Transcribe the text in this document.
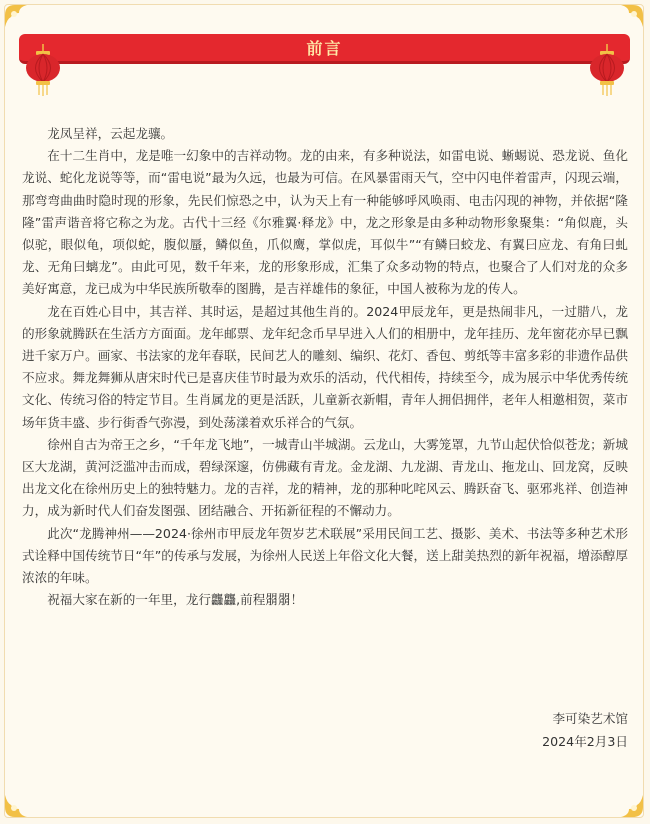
前言

龙凤呈祥，云起龙骧。

在十二生肖中，龙是唯一幻象中的吉祥动物。龙的由来，有多种说法，如雷电说、蜥蜴说、恐龙说、鱼化龙说、蛇化龙说等等，而“雷电说”最为久远，也最为可信。在风暴雷雨天气，空中闪电伴着雷声，闪现云端，那弯弯曲曲时隐时现的形象，先民们惊恐之中，认为天上有一种能够呼风唤雨、电击闪现的神物，并依据“隆隆”雷声谐音将它称之为龙。古代十三经《尔雅翼·释龙》中，龙之形象是由多种动物形象聚集：“角似鹿，头似驼，眼似龟，项似蛇，腹似蜃，鳞似鱼，爪似鹰，掌似虎，耳似牛”“有鳞曰蛟龙、有翼曰应龙、有角曰虬龙、无角曰螭龙”。由此可见，数千年来，龙的形象形成，汇集了众多动物的特点，也聚合了人们对龙的众多美好寓意，龙已成为中华民族所敬奉的图腾，是吉祥雄伟的象征，中国人被称为龙的传人。

龙在百姓心目中，其吉祥、其时运，是超过其他生肖的。2024甲辰龙年，更是热闹非凡，一过腊八，龙的形象就腾跃在生活方方面面。龙年邮票、龙年纪念币早早进入人们的相册中，龙年挂历、龙年窗花亦早已飘进千家万户。画家、书法家的龙年春联，民间艺人的雕刻、编织、花灯、香包、剪纸等丰富多彩的非遗作品供不应求。舞龙舞狮从唐宋时代已是喜庆佳节时最为欢乐的活动，代代相传，持续至今，成为展示中华优秀传统文化、传统习俗的特定节目。生肖属龙的更是活跃，儿童新衣新帽，青年人拥侣拥伴，老年人相邀相贺，菜市场年货丰盛、步行街香气弥漫，到处荡漾着欢乐祥合的气氛。

徐州自古为帝王之乡，“千年龙飞地”，一城青山半城湖。云龙山，大雾笼罩，九节山起伏恰似苍龙；新城区大龙湖，黄河泛滥冲击而成，碧绿深邃，仿佛藏有青龙。金龙湖、九龙湖、青龙山、拖龙山、回龙窝，反映出龙文化在徐州历史上的独特魅力。龙的吉祥，龙的精神，龙的那种叱咤风云、腾跃奋飞、驱邪兆祥、创造神力，成为新时代人们奋发图强、团结融合、开拓新征程的不懈动力。

此次“龙腾神州——2024·徐州市甲辰龙年贺岁艺术联展”采用民间工艺、摄影、美术、书法等多种艺术形式诠释中国传统节日“年”的传承与发展，为徐州人民送上年俗文化大餐，送上甜美热烈的新年祝福，增添醇厚浓浓的年味。

祝福大家在新的一年里，龙行龘龘,前程朤朤！

李可染艺术馆
2024年2月3日
